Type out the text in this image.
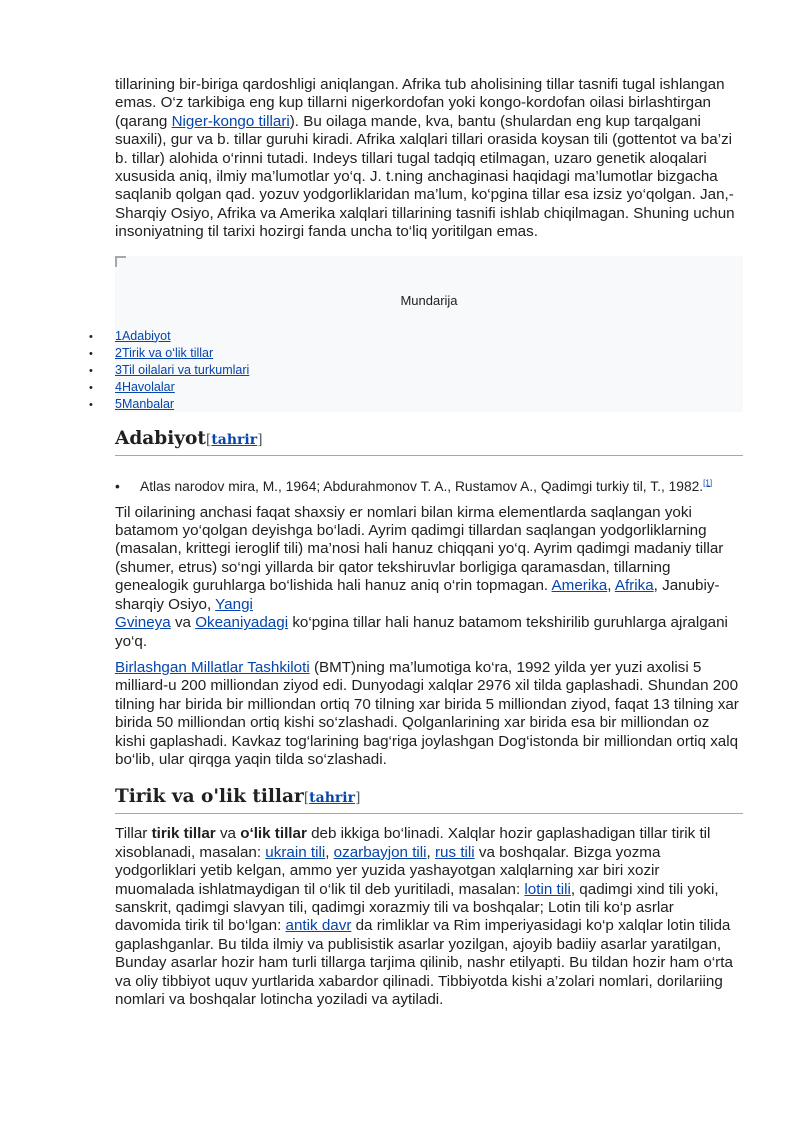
tillarining bir-biriga qardoshligi aniqlangan. Afrika tub aholisining tillar tasnifi tugal ishlangan emas. O‘z tarkibiga eng kup tillarni nigerkordofan yoki kongo-kordofan oilasi birlashtirgan (qarang Niger-kongo tillari). Bu oilaga mande, kva, bantu (shulardan eng kup tarqalgani suaxili), gur va b. tillar guruhi kiradi. Afrika xalqlari tillari orasida koysan tili (gottentot va ba’zi b. tillar) alohida o‘rinni tutadi. Indeys tillari tugal tadqiq etilmagan, uzaro genetik aloqalari xususida aniq, ilmiy ma’lumotlar yo‘q. J. t.ning anchaginasi haqidagi ma’lumotlar bizgacha saqlanib qolgan qad. yozuv yodgorliklaridan ma’lum, ko‘pgina tillar esa izsiz yo‘qolgan. Jan,-Sharqiy Osiyo, Afrika va Amerika xalqlari tillarining tasnifi ishlab chiqilmagan. Shuning uchun insoniyatning til tarixi hozirgi fanda uncha to‘liq yoritilgan emas.

Mundarija
• 1Adabiyot
• 2Tirik va o‘lik tillar
• 3Til oilalari va turkumlari
• 4Havolalar
• 5Manbalar
Adabiyot[tahrir]
• Atlas narodov mira, M., 1964; Abdurahmonov T. A., Rustamov A., Qadimgi turkiy til, T., 1982.[1]

Til oilarining anchasi faqat shaxsiy er nomlari bilan kirma elementlarda saqlangan yoki batamom yo‘qolgan deyishga bo‘ladi. Ayrim qadimgi tillardan saqlangan yodgorliklarning (masalan, krittegi ieroglif tili) ma’nosi hali hanuz chiqqani yo‘q. Ayrim qadimgi madaniy tillar (shumer, etrus) so‘ngi yillarda bir qator tekshiruvlar borligiga qaramasdan, tillarning genealogik guruhlarga bo‘lishida hali hanuz aniq o‘rin topmagan. Amerika, Afrika, Janubiy-sharqiy Osiyo, Yangi
Gvineya va Okeaniyadagi ko‘pgina tillar hali hanuz batamom tekshirilib guruhlarga ajralgani yo‘q.

Birlashgan Millatlar Tashkiloti (BMT)ning ma’lumotiga ko‘ra, 1992 yilda yer yuzi axolisi 5 milliard-u 200 milliondan ziyod edi. Dunyodagi xalqlar 2976 xil tilda gaplashadi. Shundan 200 tilning har birida bir milliondan ortiq 70 tilning xar birida 5 milliondan ziyod, faqat 13 tilning xar birida 50 milliondan ortiq kishi so‘zlashadi. Qolganlarining xar birida esa bir milliondan oz kishi gaplashadi. Kavkaz tog‘larining bag‘riga joylashgan Dog‘istonda bir milliondan ortiq xalq bo‘lib, ular qirqga yaqin tilda so‘zlashadi.

Tirik va o'lik tillar[tahrir]

Tillar tirik tillar va o‘lik tillar deb ikkiga bo‘linadi. Xalqlar hozir gaplashadigan tillar tirik til xisoblanadi, masalan: ukrain tili, ozarbayjon tili, rus tili va boshqalar. Bizga yozma yodgorliklari yetib kelgan, ammo yer yuzida yashayotgan xalqlarning xar biri xozir muomalada ishlatmaydigan til o‘lik til deb yuritiladi, masalan: lotin tili, qadimgi xind tili yoki, sanskrit, qadimgi slavyan tili, qadimgi xorazmiy tili va boshqalar; Lotin tili ko‘p asrlar davomida tirik til bo‘lgan: antik davr da rimliklar va Rim imperiyasidagi ko‘p xalqlar lotin tilida gaplashganlar. Bu tilda ilmiy va publisistik asarlar yozilgan, ajoyib badiiy asarlar yaratilgan, Bunday asarlar hozir ham turli tillarga tarjima qilinib, nashr etilyapti. Bu tildan hozir ham o‘rta va oliy tibbiyot uquv yurtlarida xabardor qilinadi. Tibbiyotda kishi a’zolari nomlari, dorilariing nomlari va boshqalar lotincha yoziladi va aytiladi.
